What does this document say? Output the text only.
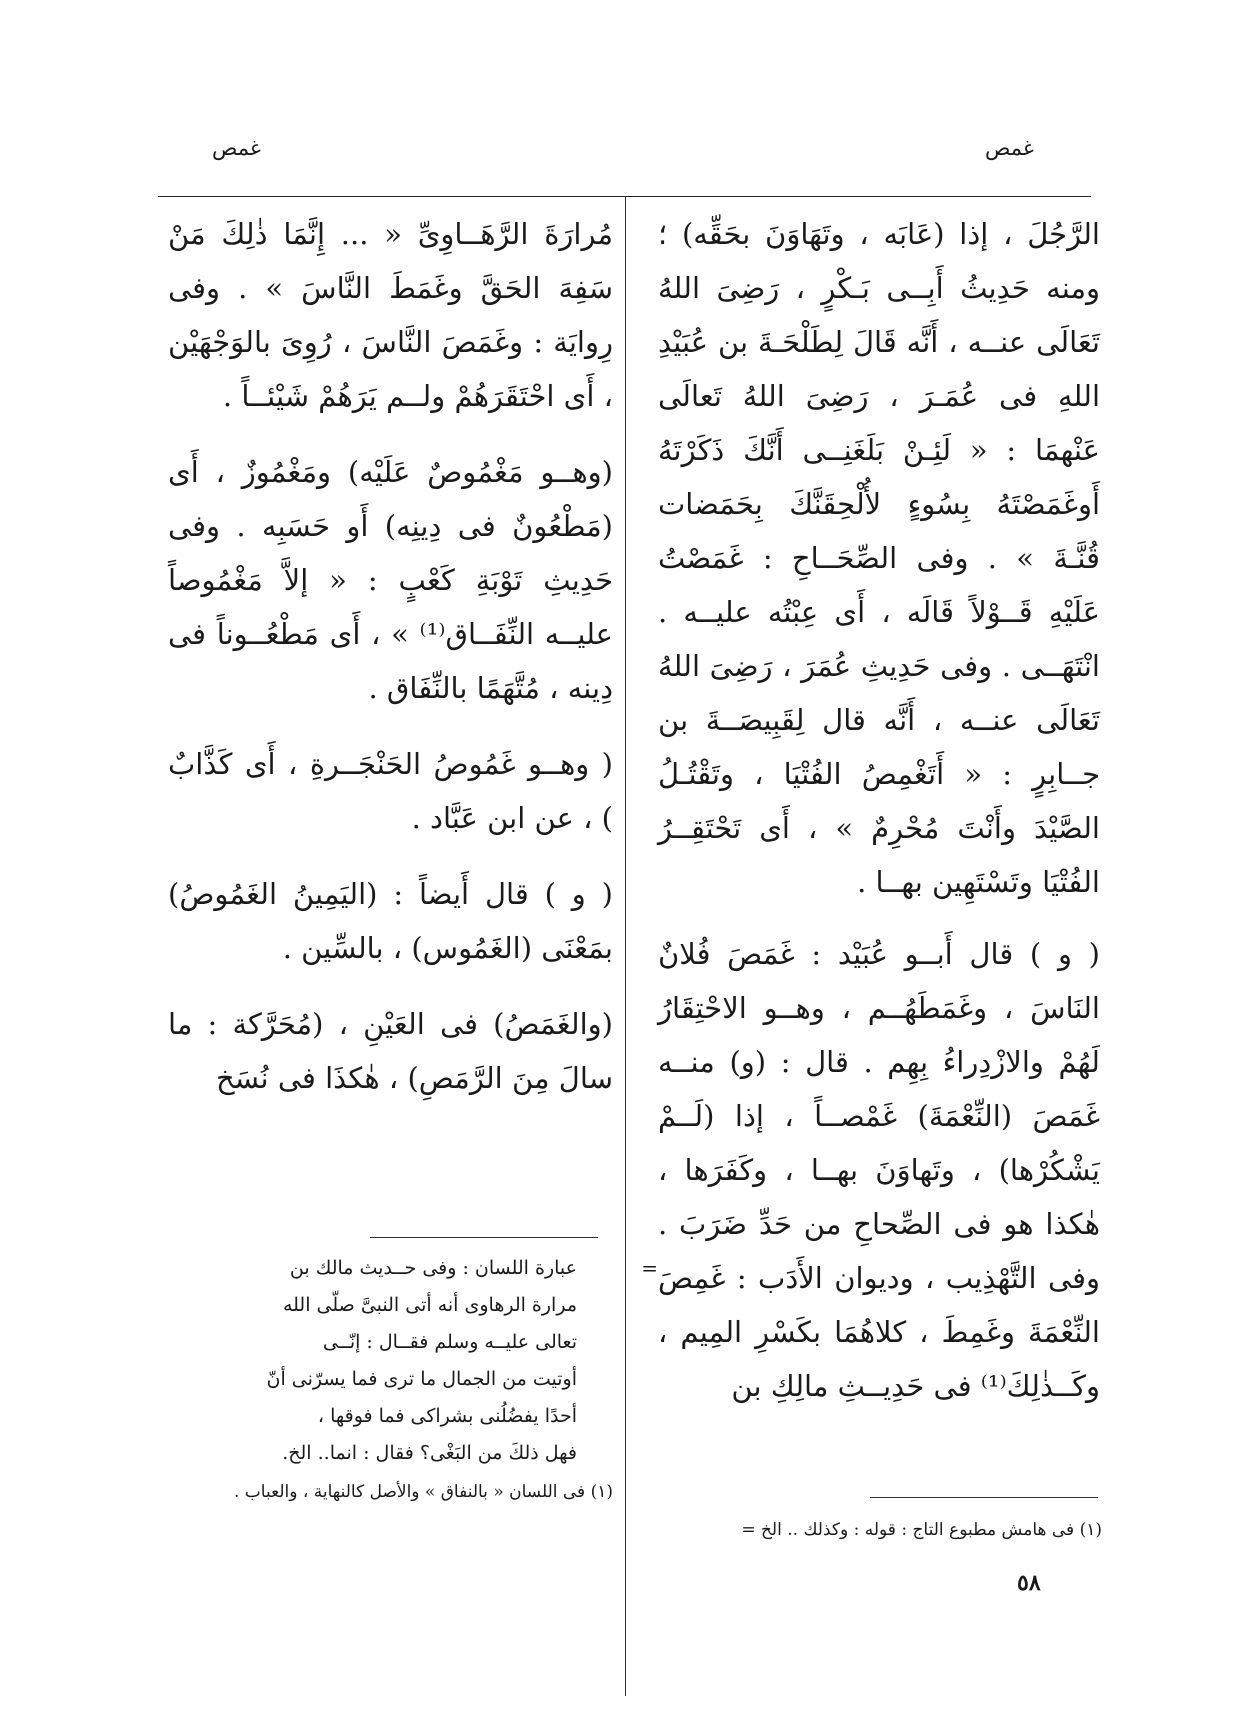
غمص
غمص

الرَّجُلَ ، إذا (عَابَه ، وتَهَاوَنَ بحَقِّه) ؛ ومنه حَدِيثُ أَبِــى بَـكْرٍ ، رَضِىَ اللهُ تَعَالَى عنــه ، أَنَّه قَالَ لِطَلْحَـةَ بن عُبَيْدِ اللهِ فى عُمَـرَ ، رَضِىَ اللهُ تَعالَى عَنْهمَا : « لَئِـنْ بَلَغَنِــى أَنَّكَ ذَكَرْتَهُ أَوغَمَصْتَهُ بِسُوءٍ لأُلْحِقَنَّكَ بِحَمَضات قُنَّـةَ » . وفى الصِّحَــاحِ : غَمَصْتُ عَلَيْهِ قَــوْلاً قَالَه ، أَى عِبْتُه عليــه . انْتَهَــى . وفى حَدِيثِ عُمَرَ ، رَضِىَ اللهُ تَعَالَى عنــه ، أَنَّه قال لِقَبِيصَــةَ بن جــابِرٍ : « أَتَغْمِصُ الفُتْيَا ، وتَقْتُـلُ الصَّيْدَ وأَنْتَ مُحْرِمٌ » ، أَى تَحْتَقِــرُ الفُتْيَا وتَسْتَهِين بهــا .

( و ) قال أَبــو عُبَيْد : غَمَصَ فُلانٌ النَاسَ ، وغَمَطَهُــم ، وهــو الاحْتِقَارُ لَهُمْ والازْدِراءُ بِهِم . قال : (و) منــه غَمَصَ (النِّعْمَةَ) غَمْصــاً ، إذا (لَــمْ يَشْكُرْها) ، وتَهاوَنَ بهــا ، وكَفَرَها ، هٰكذا هو فى الصِّحاحِ من حَدِّ ضَرَبَ . وفى التَّهْذِيب ، وديوان الأَدَب : غَمِصَ النِّعْمَةَ وغَمِطَ ، كلاهُمَا بكَسْرِ المِيم ، وكَــذٰلِكَ⁽¹⁾ فى حَدِيــثِ مالِكِ بن

مُرارَةَ الرَّهَــاوِىِّ « ... إِنَّمَا ذٰلِكَ مَنْ سَفِهَ الحَقَّ وغَمَطَ النَّاسَ » . وفى رِوايَة : وغَمَصَ النَّاسَ ، رُوِىَ بالوَجْهَيْن ، أَى احْتَقَرَهُمْ ولــم يَرَهُمْ شَيْئــاً .

(وهــو مَغْمُوصٌ عَلَيْه) ومَغْمُوزٌ ، أَى (مَطْعُونٌ فى دِينِه) أَو حَسَبِه . وفى حَدِيثِ تَوْبَةِ كَعْبٍ : « إلاَّ مَغْمُوصاً عليــه النِّفَــاق⁽¹⁾ » ، أَى مَطْعُــوناً فى دِينه ، مُتَّهَمًا بالنِّفَاق .

( وهــو غَمُوصُ الحَنْجَــرةِ ، أَى كَذَّابٌ ) ، عن ابن عَبَّاد .

( و ) قال أَيضاً : (اليَمِينُ الغَمُوصُ) بمَعْنَى (الغَمُوس) ، بالسِّين .

(والغَمَصُ) فى العَيْنِ ، (مُحَرَّكة : ما سالَ مِنَ الرَّمَصِ) ، هٰكذَا فى نُسَخ

=

عبارة اللسان : وفى حــديث مالك بن

مرارة الرهاوى أنه أتى النبىَّ صلّى الله

تعالى عليــه وسلم فقــال : إنّــى

أوتيت من الجمال ما ترى فما يسرّنى أنّ

أحدًا يفضُلُنى بشراكى فما فوقها ،

فهل ذلكَ من البَغْى؟ فقال : انما.. الخ.

(١) فى اللسان « بالنفاق » والأصل كالنهاية ، والعباب .

(١) فى هامش مطبوع التاج : قوله : وكذلك .. الخ =
٥٨
